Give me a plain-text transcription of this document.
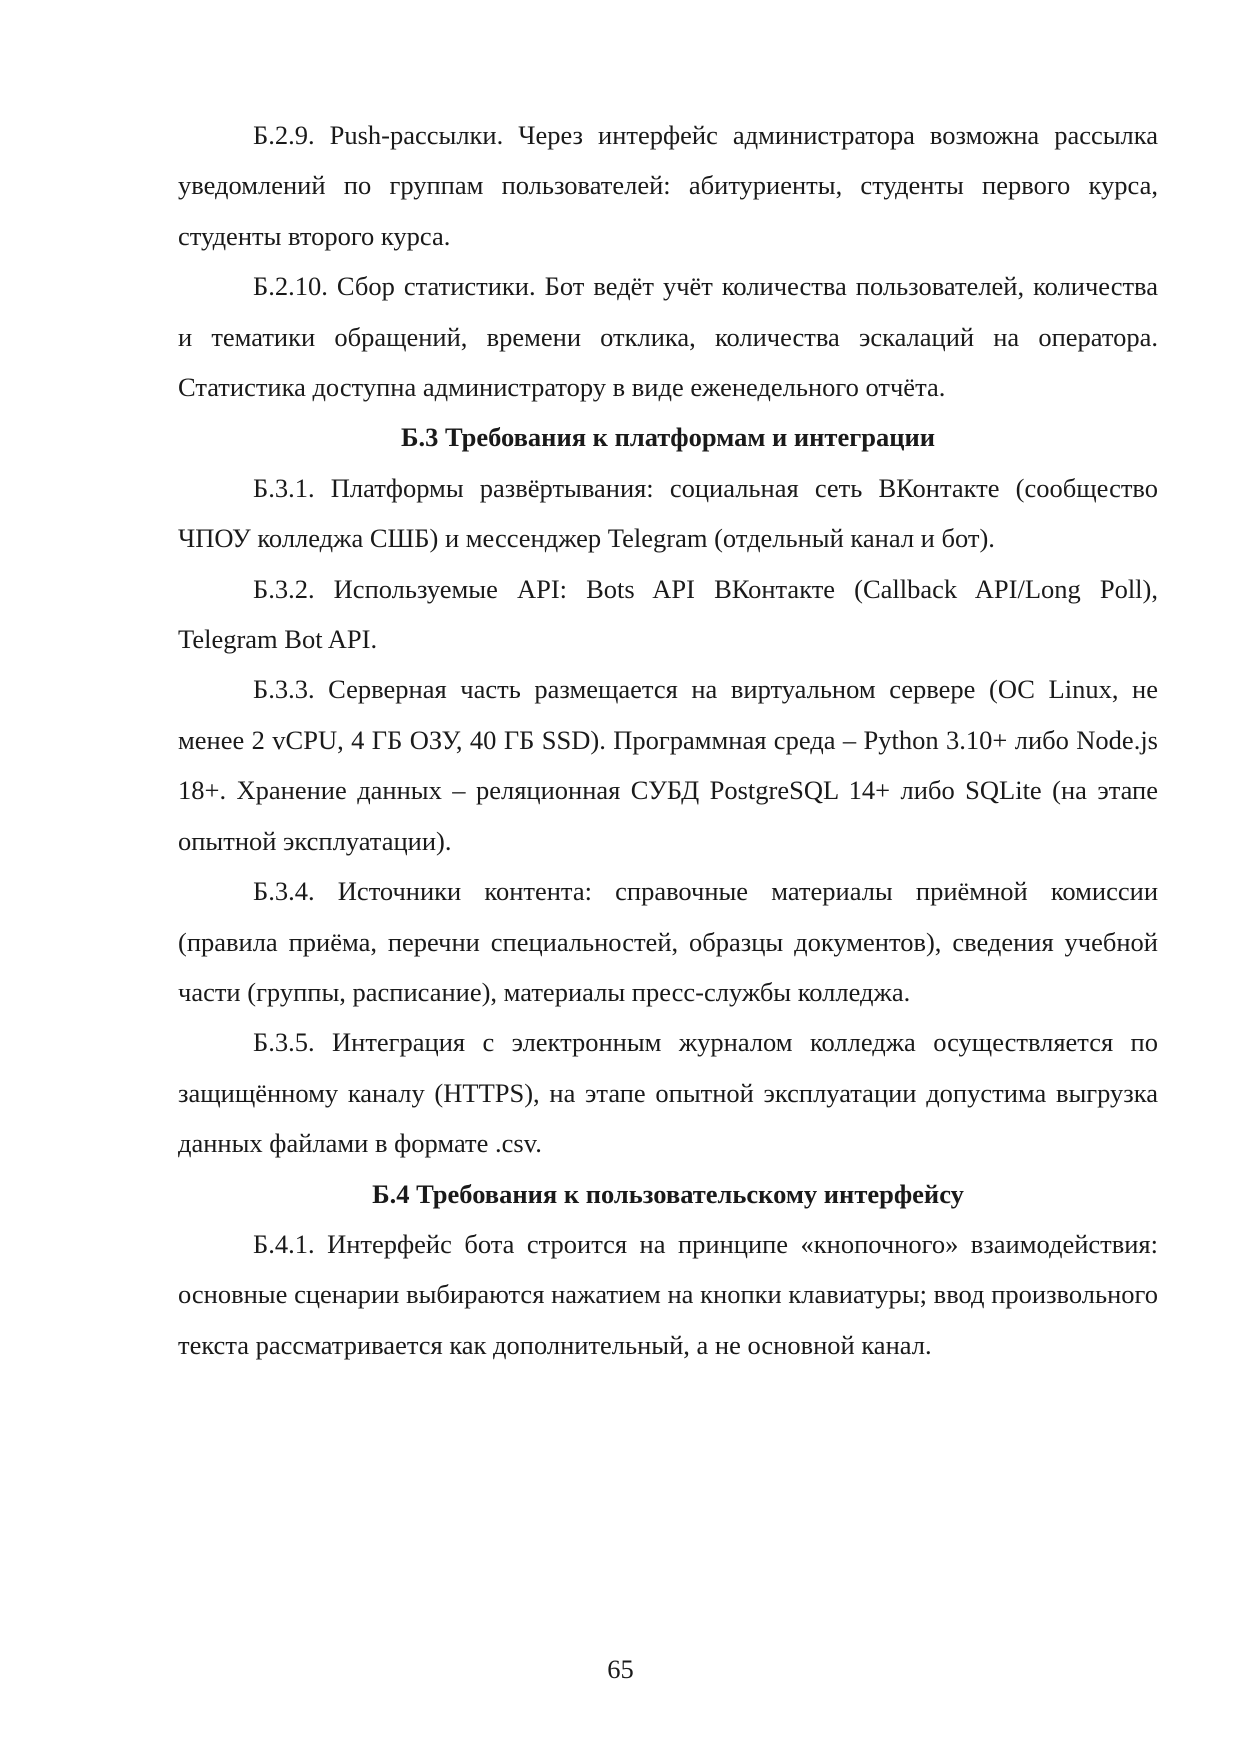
Б.2.9. Push-рассылки. Через интерфейс администратора возможна рассылка уведомлений по группам пользователей: абитуриенты, студенты первого курса, студенты второго курса.

Б.2.10. Сбор статистики. Бот ведёт учёт количества пользователей, количества и тематики обращений, времени отклика, количества эскалаций на оператора. Статистика доступна администратору в виде еженедельного отчёта.

Б.3 Требования к платформам и интеграции

Б.3.1. Платформы развёртывания: социальная сеть ВКонтакте (сообщество ЧПОУ колледжа СШБ) и мессенджер Telegram (отдельный канал и бот).

Б.3.2. Используемые API: Bots API ВКонтакте (Callback API/Long Poll), Telegram Bot API.

Б.3.3. Серверная часть размещается на виртуальном сервере (ОС Linux, не менее 2 vCPU, 4 ГБ ОЗУ, 40 ГБ SSD). Программная среда – Python 3.10+ либо Node.js 18+. Хранение данных – реляционная СУБД PostgreSQL 14+ либо SQLite (на этапе опытной эксплуатации).

Б.3.4. Источники контента: справочные материалы приёмной комиссии (правила приёма, перечни специальностей, образцы документов), сведения учебной части (группы, расписание), материалы пресс-службы колледжа.

Б.3.5. Интеграция с электронным журналом колледжа осуществляется по защищённому каналу (HTTPS), на этапе опытной эксплуатации допустима выгрузка данных файлами в формате .csv.

Б.4 Требования к пользовательскому интерфейсу

Б.4.1. Интерфейс бота строится на принципе «кнопочного» взаимодействия: основные сценарии выбираются нажатием на кнопки клавиатуры; ввод произвольного текста рассматривается как дополнительный, а не основной канал.

65
